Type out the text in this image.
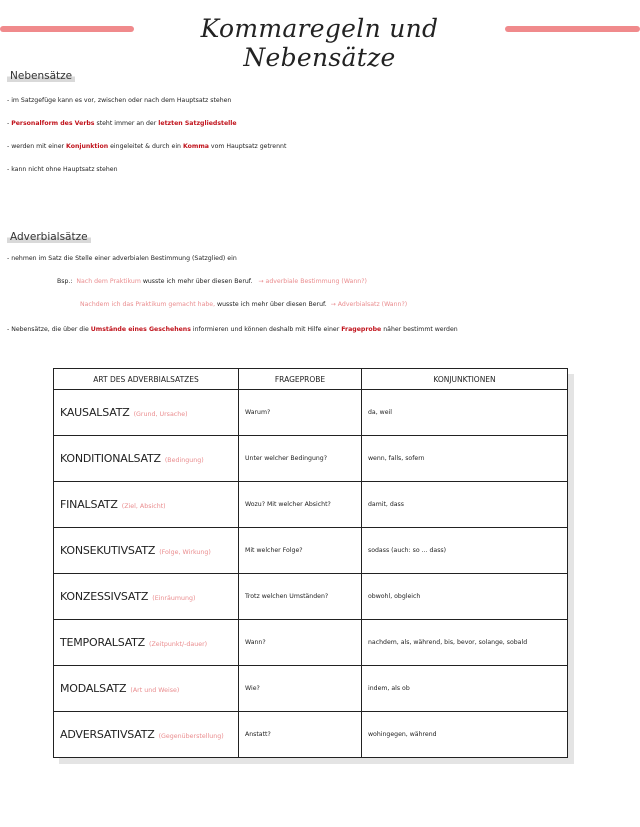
Kommaregeln und Nebensätze
Nebensätze
- im Satzgefüge kann es vor, zwischen oder nach dem Hauptsatz stehen
- Personalform des Verbs steht immer an der letzten Satzgliedstelle
- werden mit einer Konjunktion eingeleitet & durch ein Komma vom Hauptsatz getrennt
- kann nicht ohne Hauptsatz stehen
Adverbialsätze
- nehmen im Satz die Stelle einer adverbialen Bestimmung (Satzglied) ein
Bsp.: Nach dem Praktikum wusste ich mehr über diesen Beruf. → adverbiale Bestimmung (Wann?)
Nachdem ich das Praktikum gemacht habe, wusste ich mehr über diesen Beruf. → Adverbialsatz (Wann?)
- Nebensätze, die über die Umstände eines Geschehens informieren und können deshalb mit Hilfe einer Frageprobe näher bestimmt werden
ART DES ADVERBIALSATZES	FRAGEPROBE	KONJUNKTIONEN
KAUSALSATZ (Grund, Ursache)	Warum?	da, weil
KONDITIONALSATZ (Bedingung)	Unter welcher Bedingung?	wenn, falls, sofern
FINALSATZ (Ziel, Absicht)	Wozu? Mit welcher Absicht?	damit, dass
KONSEKUTIVSATZ (Folge, Wirkung)	Mit welcher Folge?	sodass (auch: so ... dass)
KONZESSIVSATZ (Einräumung)	Trotz welchen Umständen?	obwohl, obgleich
TEMPORALSATZ (Zeitpunkt/-dauer)	Wann?	nachdem, als, während, bis, bevor, solange, sobald
MODALSATZ (Art und Weise)	Wie?	indem, als ob
ADVERSATIVSATZ (Gegenüberstellung)	Anstatt?	wohingegen, während
